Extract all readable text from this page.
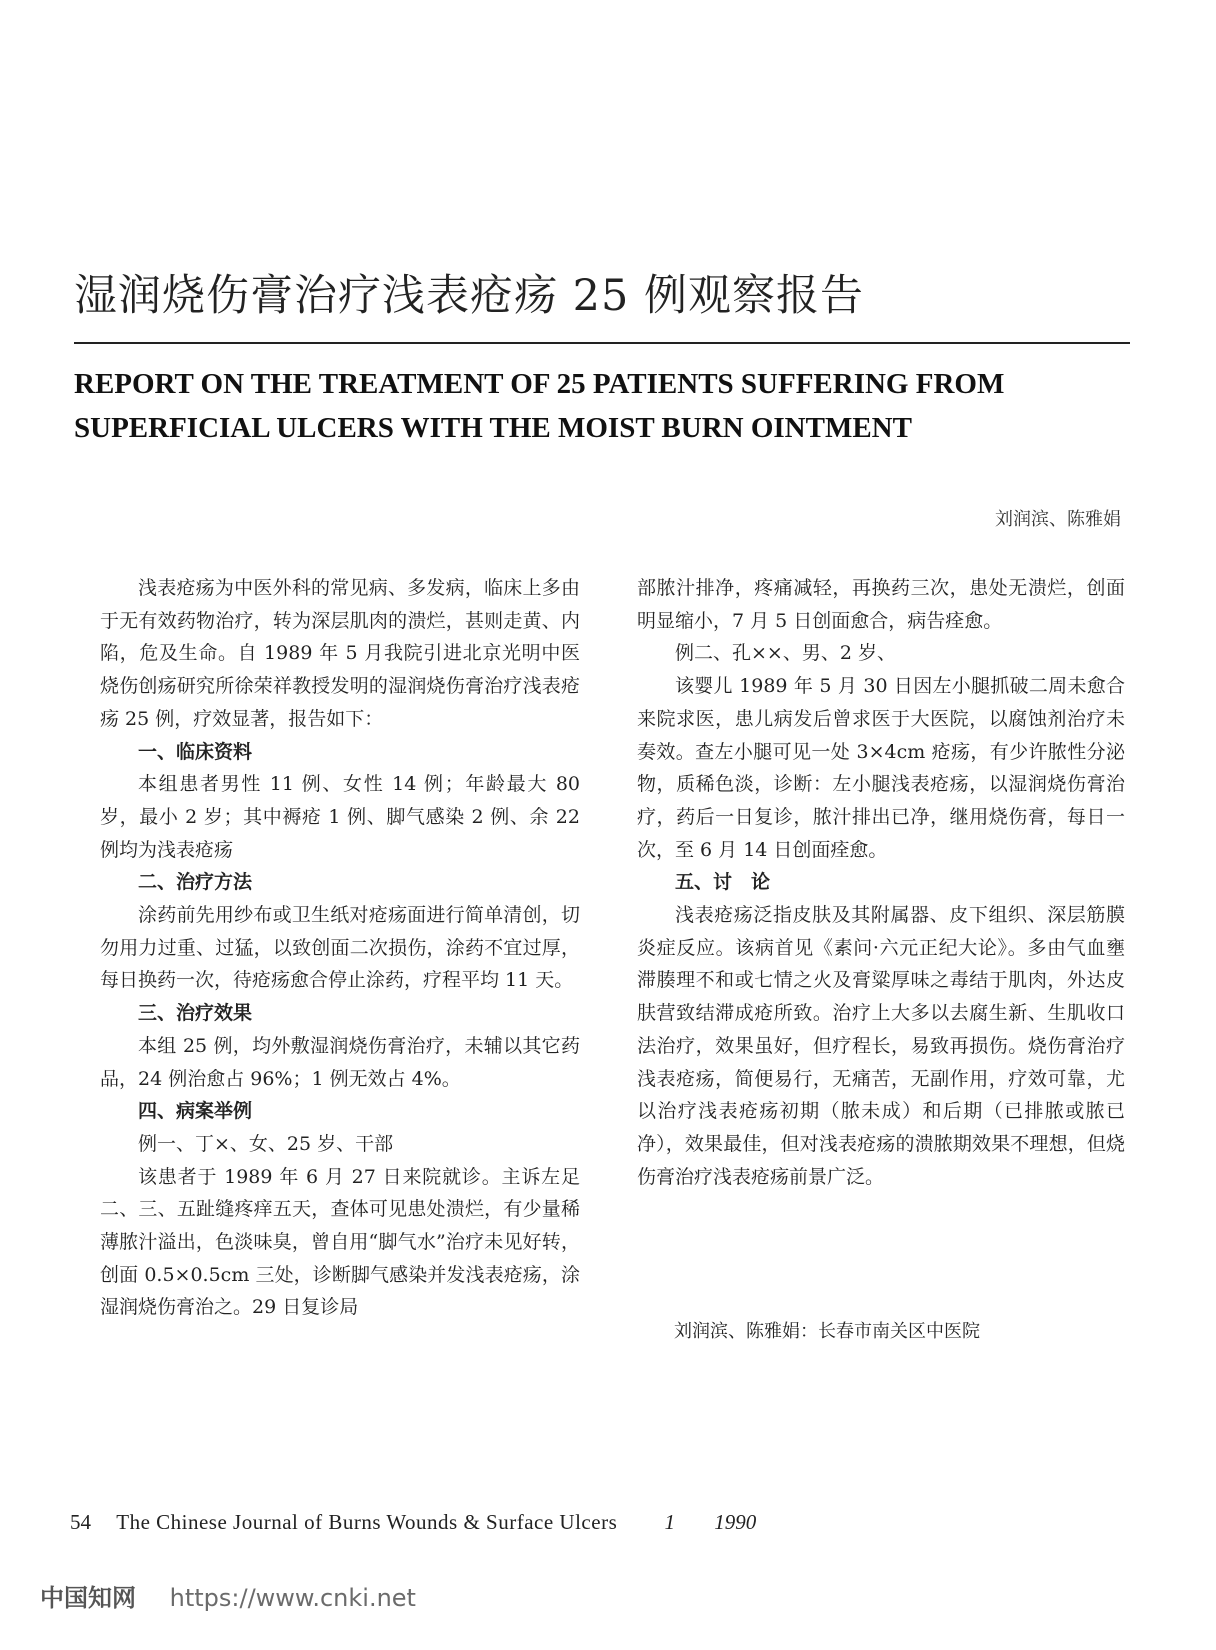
湿润烧伤膏治疗浅表疮疡 25 例观察报告
REPORT ON THE TREATMENT OF 25 PATIENTS SUFFERING FROM
SUPERFICIAL ULCERS WITH THE MOIST BURN OINTMENT
刘润滨、陈雅娟

浅表疮疡为中医外科的常见病、多发病，临床上多由于无有效药物治疗，转为深层肌肉的溃烂，甚则走黄、内陷，危及生命。自 1989 年 5 月我院引进北京光明中医烧伤创疡研究所徐荣祥教授发明的湿润烧伤膏治疗浅表疮疡 25 例，疗效显著，报告如下：

一、临床资料

本组患者男性 11 例、女性 14 例；年龄最大 80 岁，最小 2 岁；其中褥疮 1 例、脚气感染 2 例、余 22 例均为浅表疮疡

二、治疗方法

涂药前先用纱布或卫生纸对疮疡面进行简单清创，切勿用力过重、过猛，以致创面二次损伤，涂药不宜过厚，每日换药一次，待疮疡愈合停止涂药，疗程平均 11 天。

三、治疗效果

本组 25 例，均外敷湿润烧伤膏治疗，未辅以其它药品，24 例治愈占 96%；1 例无效占 4%。

四、病案举例

例一、丁×、女、25 岁、干部

该患者于 1989 年 6 月 27 日来院就诊。主诉左足二、三、五趾缝疼痒五天，查体可见患处溃烂，有少量稀薄脓汁溢出，色淡味臭，曾自用“脚气水”治疗未见好转，创面 0.5×0.5cm 三处，诊断脚气感染并发浅表疮疡，涂湿润烧伤膏治之。29 日复诊局

部脓汁排净，疼痛减轻，再换药三次，患处无溃烂，创面明显缩小，7 月 5 日创面愈合，病告痊愈。

例二、孔××、男、2 岁、

该婴儿 1989 年 5 月 30 日因左小腿抓破二周未愈合来院求医，患儿病发后曾求医于大医院，以腐蚀剂治疗未奏效。查左小腿可见一处 3×4cm 疮疡，有少许脓性分泌物，质稀色淡，诊断：左小腿浅表疮疡，以湿润烧伤膏治疗，药后一日复诊，脓汁排出已净，继用烧伤膏，每日一次，至 6 月 14 日创面痊愈。

五、讨　论

浅表疮疡泛指皮肤及其附属器、皮下组织、深层筋膜炎症反应。该病首见《素问·六元正纪大论》。多由气血壅滞腠理不和或七情之火及膏粱厚味之毒结于肌肉，外达皮肤营致结滞成疮所致。治疗上大多以去腐生新、生肌收口法治疗，效果虽好，但疗程长，易致再损伤。烧伤膏治疗浅表疮疡，简便易行，无痛苦，无副作用，疗效可靠，尤以治疗浅表疮疡初期（脓未成）和后期（已排脓或脓已净），效果最佳，但对浅表疮疡的溃脓期效果不理想，但烧伤膏治疗浅表疮疡前景广泛。

刘润滨、陈雅娟：长春市南关区中医院
54 The Chinese Journal of Burns Wounds & Surface Ulcers 1 1990
中国知网 https://www.cnki.net
